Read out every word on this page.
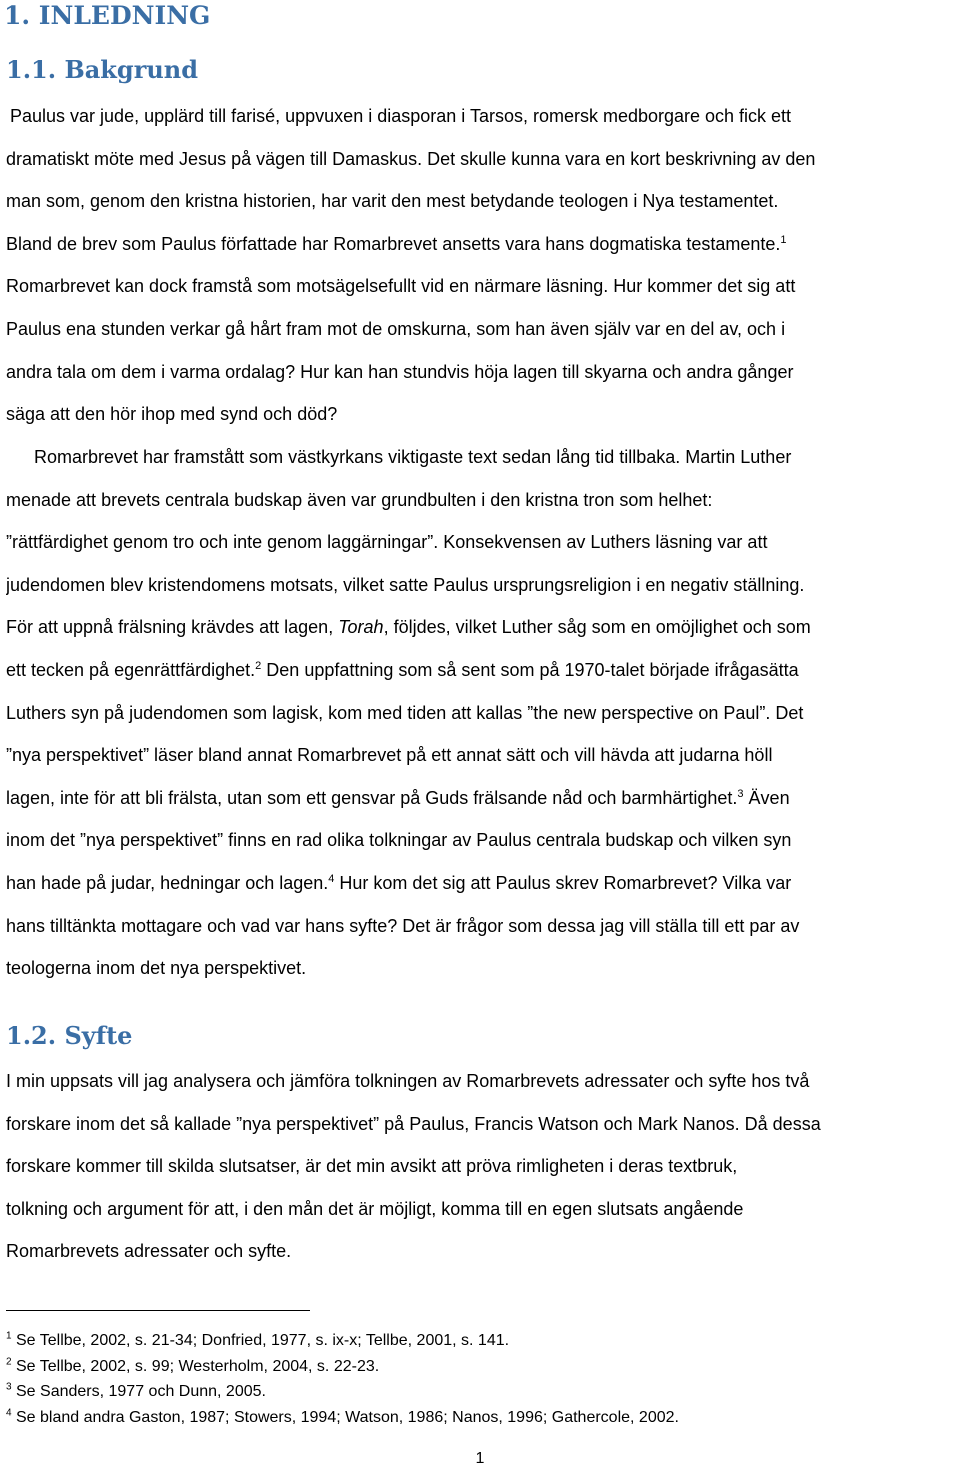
1. INLEDNING
1.1. Bakgrund
Paulus var jude, upplärd till farisé, uppvuxen i diasporan i Tarsos, romersk medborgare och fick ett
dramatiskt möte med Jesus på vägen till Damaskus. Det skulle kunna vara en kort beskrivning av den
man som, genom den kristna historien, har varit den mest betydande teologen i Nya testamentet.
Bland de brev som Paulus författade har Romarbrevet ansetts vara hans dogmatiska testamente.$^1$
Romarbrevet kan dock framstå som motsägelsefullt vid en närmare läsning. Hur kommer det sig att
Paulus ena stunden verkar gå hårt fram mot de omskurna, som han även själv var en del av, och i
andra tala om dem i varma ordalag? Hur kan han stundvis höja lagen till skyarna och andra gånger
säga att den hör ihop med synd och död?
Romarbrevet har framstått som västkyrkans viktigaste text sedan lång tid tillbaka. Martin Luther
menade att brevets centrala budskap även var grundbulten i den kristna tron som helhet:
”rättfärdighet genom tro och inte genom laggärningar”. Konsekvensen av Luthers läsning var att
judendomen blev kristendomens motsats, vilket satte Paulus ursprungsreligion i en negativ ställning.
För att uppnå frälsning krävdes att lagen, Torah, följdes, vilket Luther såg som en omöjlighet och som
ett tecken på egenrättfärdighet.$^2$ Den uppfattning som så sent som på 1970-talet började ifrågasätta
Luthers syn på judendomen som lagisk, kom med tiden att kallas ”the new perspective on Paul”. Det
”nya perspektivet” läser bland annat Romarbrevet på ett annat sätt och vill hävda att judarna höll
lagen, inte för att bli frälsta, utan som ett gensvar på Guds frälsande nåd och barmhärtighet.$^3$ Även
inom det ”nya perspektivet” finns en rad olika tolkningar av Paulus centrala budskap och vilken syn
han hade på judar, hedningar och lagen.$^4$ Hur kom det sig att Paulus skrev Romarbrevet? Vilka var
hans tilltänkta mottagare och vad var hans syfte? Det är frågor som dessa jag vill ställa till ett par av
teologerna inom det nya perspektivet.
1.2. Syfte
I min uppsats vill jag analysera och jämföra tolkningen av Romarbrevets adressater och syfte hos två
forskare inom det så kallade ”nya perspektivet” på Paulus, Francis Watson och Mark Nanos. Då dessa
forskare kommer till skilda slutsatser, är det min avsikt att pröva rimligheten i deras textbruk,
tolkning och argument för att, i den mån det är möjligt, komma till en egen slutsats angående
Romarbrevets adressater och syfte.
$^1$ Se Tellbe, 2002, s. 21-34; Donfried, 1977, s. ix-x; Tellbe, 2001, s. 141.
$^2$ Se Tellbe, 2002, s. 99; Westerholm, 2004, s. 22-23.
$^3$ Se Sanders, 1977 och Dunn, 2005.
$^4$ Se bland andra Gaston, 1987; Stowers, 1994; Watson, 1986; Nanos, 1996; Gathercole, 2002.
1
